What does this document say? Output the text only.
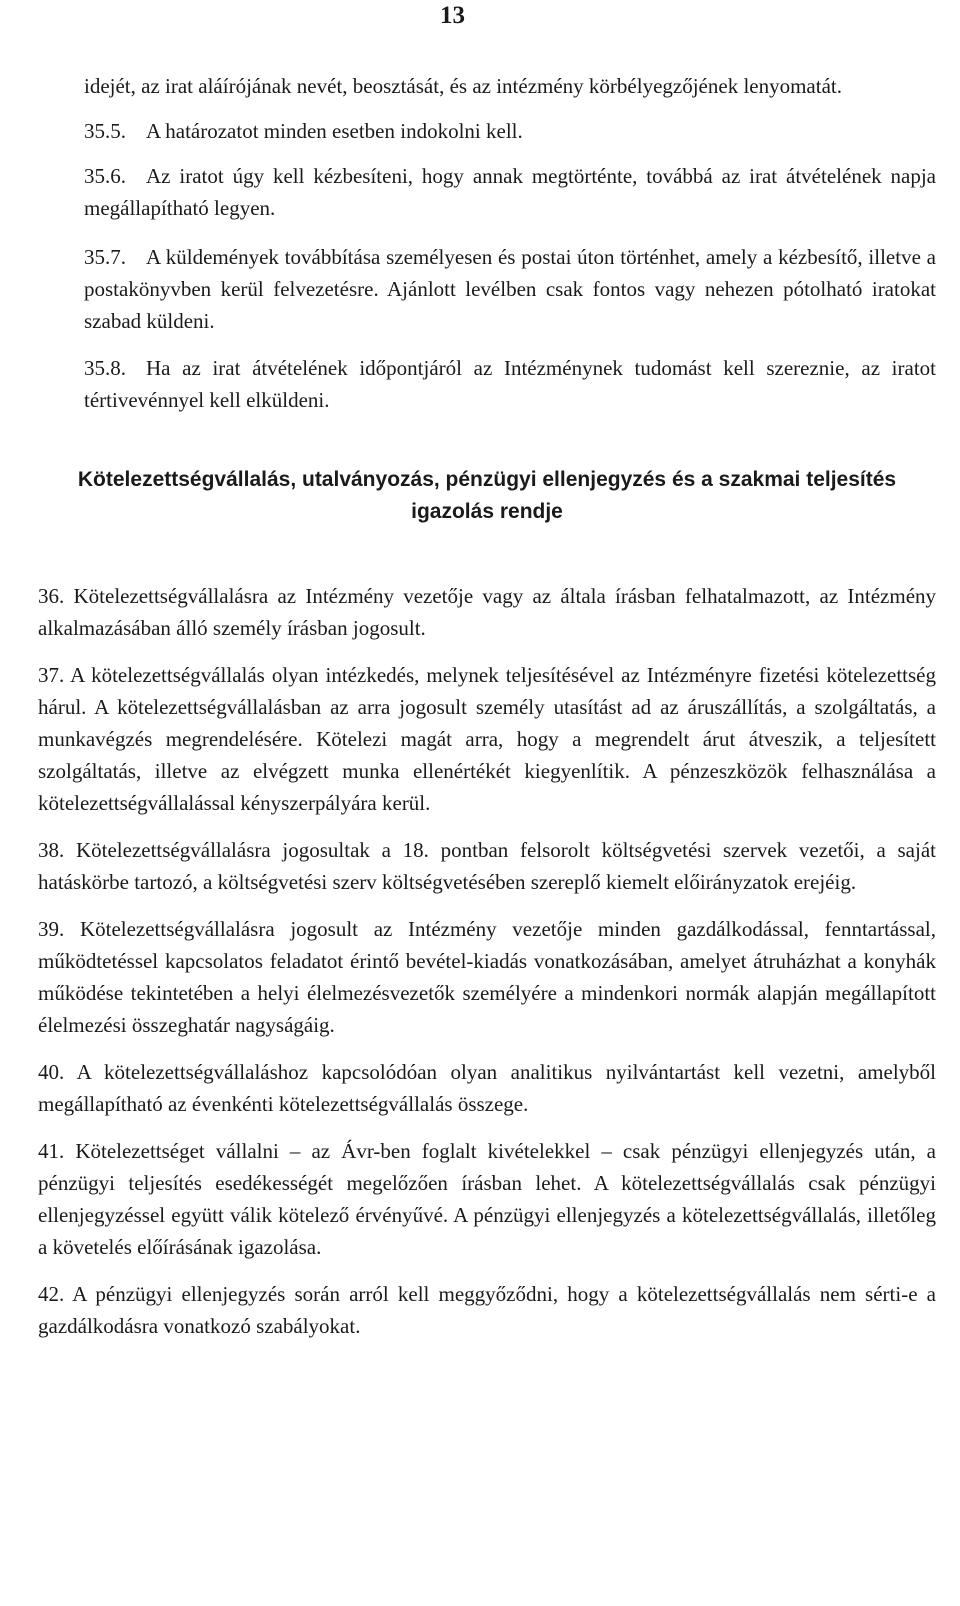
13
idejét, az irat aláírójának nevét, beosztását, és az intézmény körbélyegzőjének lenyomatát.
35.5. A határozatot minden esetben indokolni kell.
35.6. Az iratot úgy kell kézbesíteni, hogy annak megtörténte, továbbá az irat átvételének napja megállapítható legyen.
35.7. A küldemények továbbítása személyesen és postai úton történhet, amely a kézbesítő, illetve a postakönyvben kerül felvezetésre. Ajánlott levélben csak fontos vagy nehezen pótolható iratokat szabad küldeni.
35.8. Ha az irat átvételének időpontjáról az Intézménynek tudomást kell szereznie, az iratot tértivevénnyel kell elküldeni.
Kötelezettségvállalás, utalványozás, pénzügyi ellenjegyzés és a szakmai teljesítés igazolás rendje
36. Kötelezettségvállalásra az Intézmény vezetője vagy az általa írásban felhatalmazott, az Intézmény alkalmazásában álló személy írásban jogosult.
37. A kötelezettségvállalás olyan intézkedés, melynek teljesítésével az Intézményre fizetési kötelezettség hárul. A kötelezettségvállalásban az arra jogosult személy utasítást ad az áruszállítás, a szolgáltatás, a munkavégzés megrendelésére. Kötelezi magát arra, hogy a megrendelt árut átveszik, a teljesített szolgáltatás, illetve az elvégzett munka ellenértékét kiegyenlítik. A pénzeszközök felhasználása a kötelezettségvállalással kényszerpályára kerül.
38. Kötelezettségvállalásra jogosultak a 18. pontban felsorolt költségvetési szervek vezetői, a saját hatáskörbe tartozó, a költségvetési szerv költségvetésében szereplő kiemelt előirányzatok erejéig.
39. Kötelezettségvállalásra jogosult az Intézmény vezetője minden gazdálkodással, fenntartással, működtetéssel kapcsolatos feladatot érintő bevétel-kiadás vonatkozásában, amelyet átruházhat a konyhák működése tekintetében a helyi élelmezésvezetők személyére a mindenkori normák alapján megállapított élelmezési összeghatár nagyságáig.
40. A kötelezettségvállaláshoz kapcsolódóan olyan analitikus nyilvántartást kell vezetni, amelyből megállapítható az évenkénti kötelezettségvállalás összege.
41. Kötelezettséget vállalni – az Ávr-ben foglalt kivételekkel – csak pénzügyi ellenjegyzés után, a pénzügyi teljesítés esedékességét megelőzően írásban lehet. A kötelezettségvállalás csak pénzügyi ellenjegyzéssel együtt válik kötelező érvényűvé. A pénzügyi ellenjegyzés a kötelezettségvállalás, illetőleg a követelés előírásának igazolása.
42. A pénzügyi ellenjegyzés során arról kell meggyőződni, hogy a kötelezettségvállalás nem sérti-e a gazdálkodásra vonatkozó szabályokat.
